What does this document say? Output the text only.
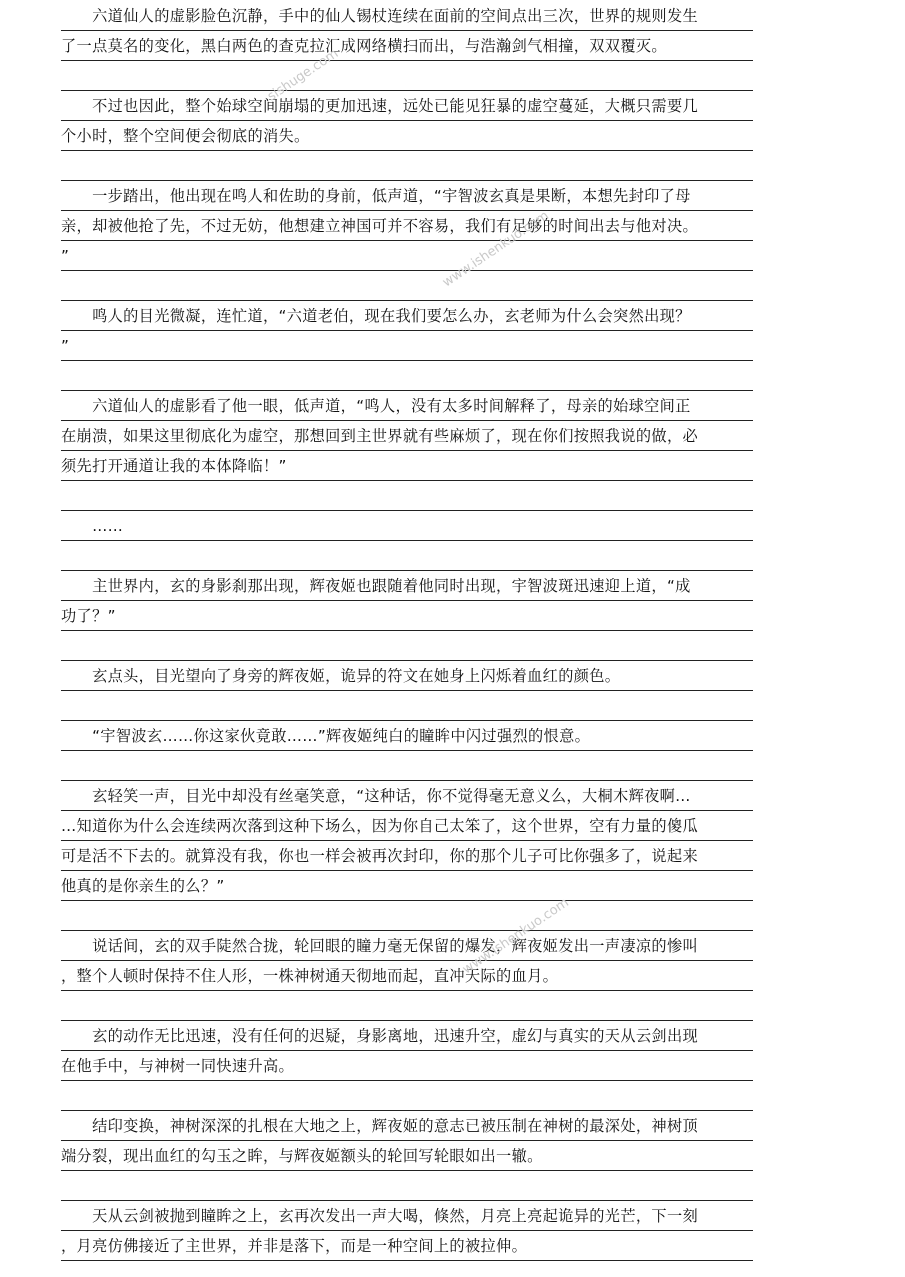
　　六道仙人的虚影脸色沉静，手中的仙人锡杖连续在面前的空间点出三次，世界的规则发生
了一点莫名的变化，黑白两色的查克拉汇成网络横扫而出，与浩瀚剑气相撞，双双覆灭。
　　不过也因此，整个始球空间崩塌的更加迅速，远处已能见狂暴的虚空蔓延，大概只需要几
个小时，整个空间便会彻底的消失。
　　一步踏出，他出现在鸣人和佐助的身前，低声道，“宇智波玄真是果断，本想先封印了母
亲，却被他抢了先，不过无妨，他想建立神国可并不容易，我们有足够的时间出去与他对决。
”
　　鸣人的目光微凝，连忙道，“六道老伯，现在我们要怎么办，玄老师为什么会突然出现？
”
　　六道仙人的虚影看了他一眼，低声道，“鸣人，没有太多时间解释了，母亲的始球空间正
在崩溃，如果这里彻底化为虚空，那想回到主世界就有些麻烦了，现在你们按照我说的做，必
须先打开通道让我的本体降临！”
　　……
　　主世界内，玄的身影刹那出现，辉夜姬也跟随着他同时出现，宇智波斑迅速迎上道，“成
功了？”
　　玄点头，目光望向了身旁的辉夜姬，诡异的符文在她身上闪烁着血红的颜色。
　　“宇智波玄……你这家伙竟敢……”辉夜姬纯白的瞳眸中闪过强烈的恨意。
　　玄轻笑一声，目光中却没有丝毫笑意，“这种话，你不觉得毫无意义么，大桐木辉夜啊…
…知道你为什么会连续两次落到这种下场么，因为你自己太笨了，这个世界，空有力量的傻瓜
可是活不下去的。就算没有我，你也一样会被再次封印，你的那个儿子可比你强多了，说起来
他真的是你亲生的么？”
　　说话间，玄的双手陡然合拢，轮回眼的瞳力毫无保留的爆发，辉夜姬发出一声凄凉的惨叫
，整个人顿时保持不住人形，一株神树通天彻地而起，直冲天际的血月。
　　玄的动作无比迅速，没有任何的迟疑，身影离地，迅速升空，虚幻与真实的天从云剑出现
在他手中，与神树一同快速升高。
　　结印变换，神树深深的扎根在大地之上，辉夜姬的意志已被压制在神树的最深处，神树顶
端分裂，现出血红的勾玉之眸，与辉夜姬额头的轮回写轮眼如出一辙。
　　天从云剑被抛到瞳眸之上，玄再次发出一声大喝，倏然，月亮上亮起诡异的光芒，下一刻
，月亮仿佛接近了主世界，并非是落下，而是一种空间上的被拉伸。
sishuge.com
www.ishenkuo.com
www.ishenkuo.com
